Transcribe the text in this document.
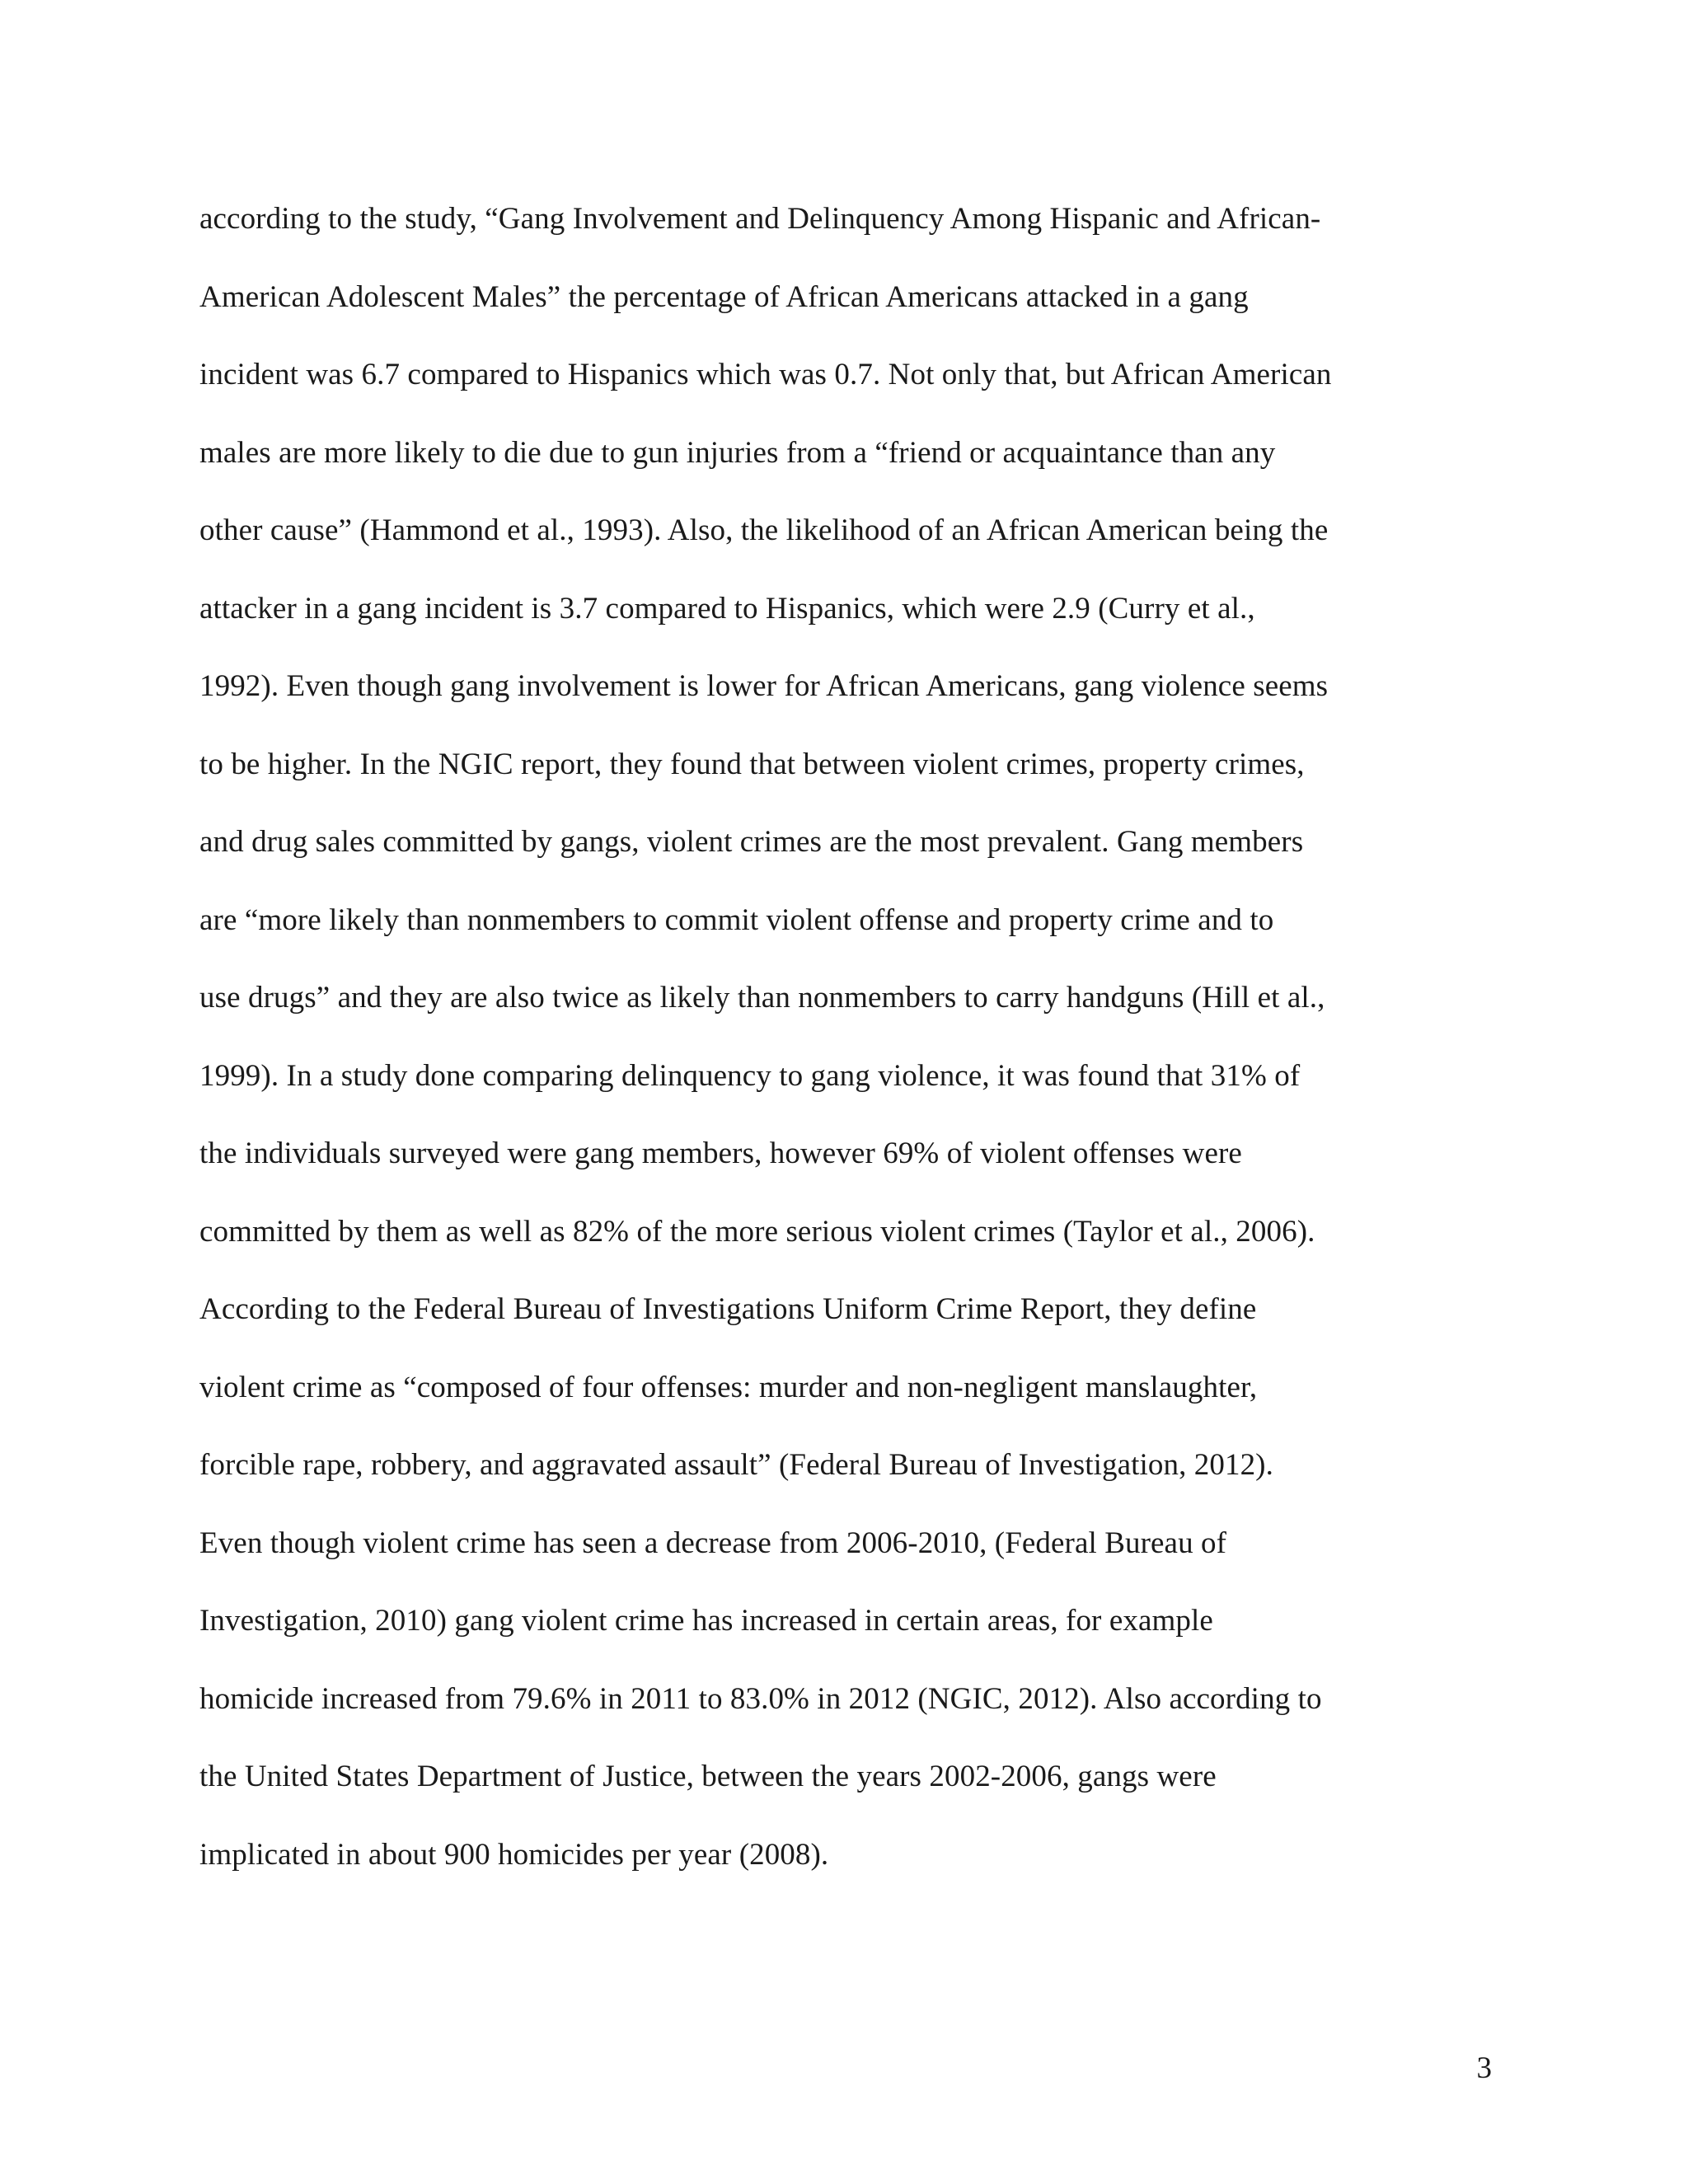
according to the study, “Gang Involvement and Delinquency Among Hispanic and African-
American Adolescent Males” the percentage of African Americans attacked in a gang
incident was 6.7 compared to Hispanics which was 0.7. Not only that, but African American
males are more likely to die due to gun injuries from a “friend or acquaintance than any
other cause” (Hammond et al., 1993). Also, the likelihood of an African American being the
attacker in a gang incident is 3.7 compared to Hispanics, which were 2.9 (Curry et al.,
1992). Even though gang involvement is lower for African Americans, gang violence seems
to be higher. In the NGIC report, they found that between violent crimes, property crimes,
and drug sales committed by gangs, violent crimes are the most prevalent. Gang members
are “more likely than nonmembers to commit violent offense and property crime and to
use drugs” and they are also twice as likely than nonmembers to carry handguns (Hill et al.,
1999). In a study done comparing delinquency to gang violence, it was found that 31% of
the individuals surveyed were gang members, however 69% of violent offenses were
committed by them as well as 82% of the more serious violent crimes (Taylor et al., 2006).
According to the Federal Bureau of Investigations Uniform Crime Report, they define
violent crime as “composed of four offenses: murder and non-negligent manslaughter,
forcible rape, robbery, and aggravated assault” (Federal Bureau of Investigation, 2012).
Even though violent crime has seen a decrease from 2006-2010, (Federal Bureau of
Investigation, 2010) gang violent crime has increased in certain areas, for example
homicide increased from 79.6% in 2011 to 83.0% in 2012 (NGIC, 2012). Also according to
the United States Department of Justice, between the years 2002-2006, gangs were
implicated in about 900 homicides per year (2008).
3
